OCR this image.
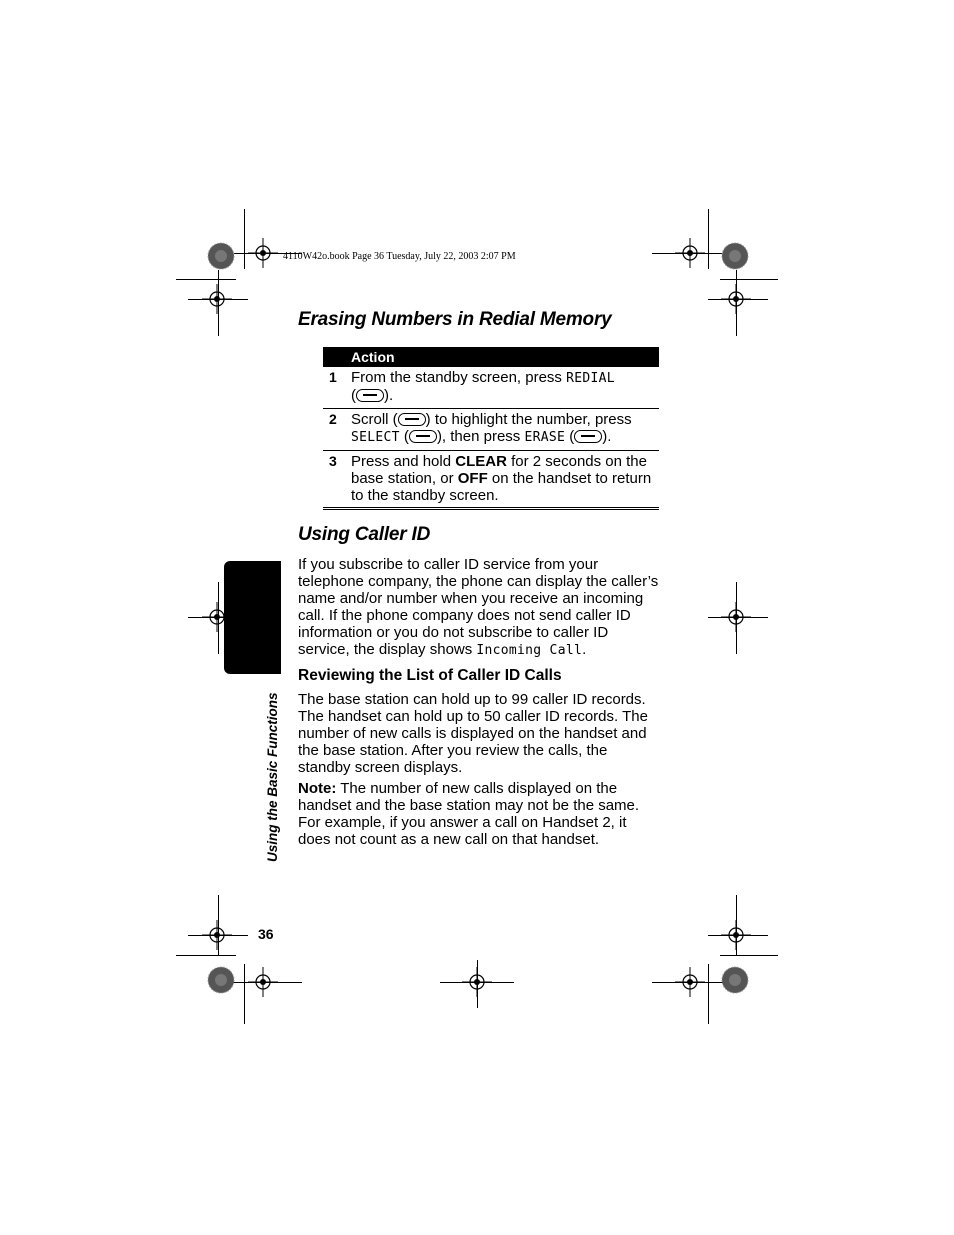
4110W42o.book Page 36 Tuesday, July 22, 2003 2:07 PM
Erasing Numbers in Redial Memory
	Action
1	From the standby screen, press REDIAL
( ).
2	Scroll ( ) to highlight the number, press SELECT ( ), then press ERASE ( ).
3	Press and hold CLEAR for 2 seconds on the base station, or OFF on the handset to return to the standby screen.
Using Caller ID
If you subscribe to caller ID service from your telephone company, the phone can display the caller’s name and/or number when you receive an incoming call. If the phone company does not send caller ID information or you do not subscribe to caller ID service, the display shows Incoming Call.
Reviewing the List of Caller ID Calls
The base station can hold up to 99 caller ID records. The handset can hold up to 50 caller ID records. The number of new calls is displayed on the handset and the base station. After you review the calls, the standby screen displays.
Note: The number of new calls displayed on the handset and the base station may not be the same. For example, if you answer a call on Handset 2, it does not count as a new call on that handset.
Using the Basic Functions
36
